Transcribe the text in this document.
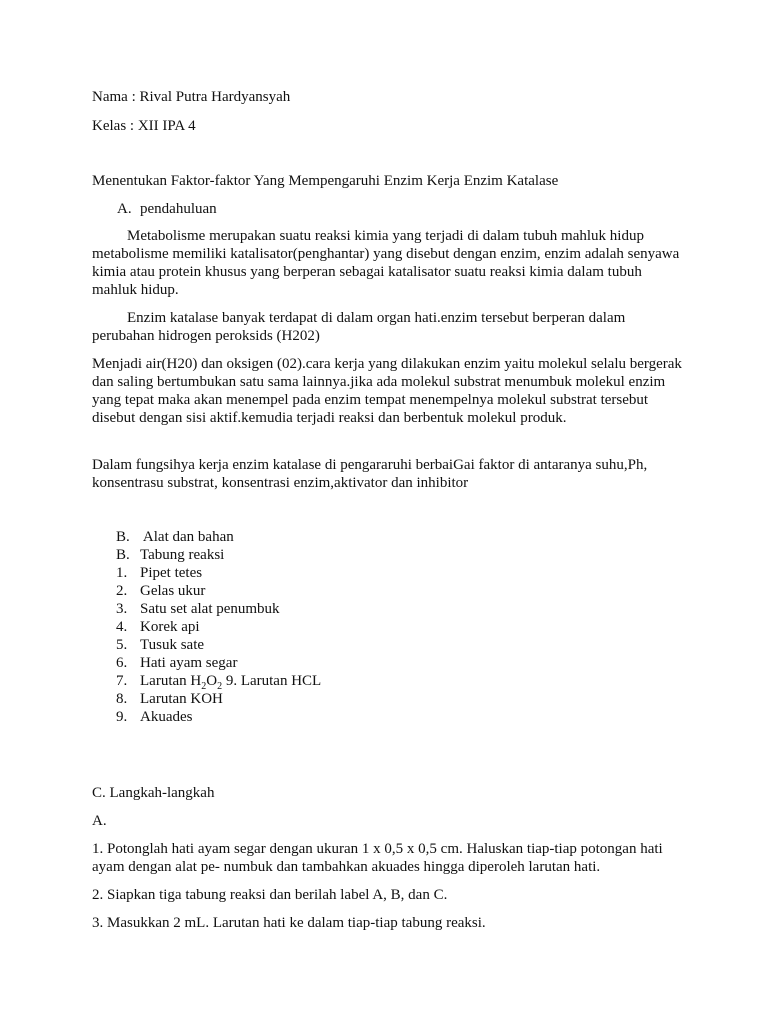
Nama : Rival Putra Hardyansyah

Kelas : XII IPA 4

Menentukan Faktor-faktor Yang Mempengaruhi Enzim Kerja Enzim Katalase

A. pendahuluan

Metabolisme merupakan suatu reaksi kimia yang terjadi di dalam tubuh mahluk hidup metabolisme memiliki katalisator(penghantar) yang disebut dengan enzim, enzim adalah senyawa kimia atau protein khusus yang berperan sebagai katalisator suatu reaksi kimia dalam tubuh mahluk hidup.

Enzim katalase banyak terdapat di dalam organ hati.enzim tersebut berperan dalam perubahan hidrogen peroksids (H202)

Menjadi air(H20) dan oksigen (02).cara kerja yang dilakukan enzim yaitu molekul selalu bergerak dan saling bertumbukan satu sama lainnya.jika ada molekul substrat menumbuk molekul enzim yang tepat maka akan menempel pada enzim tempat menempelnya molekul substrat tersebut disebut dengan sisi aktif.kemudia terjadi reaksi dan berbentuk molekul produk.

Dalam fungsihya kerja enzim katalase di pengararuhi berbaiGai faktor di antaranya suhu,Ph, konsentrasu substrat, konsentrasi enzim,aktivator dan inhibitor

B. Alat dan bahan
B. Tabung reaksi
1. Pipet tetes
2. Gelas ukur
3. Satu set alat penumbuk
4. Korek api
5. Tusuk sate
6. Hati ayam segar
7. Larutan $H_2O_2$ 9. Larutan HCL
8. Larutan KOH
9. Akuades

C. Langkah-langkah

A.

1. Potonglah hati ayam segar dengan ukuran 1 x 0,5 x 0,5 cm. Haluskan tiap-tiap potongan hati ayam dengan alat pe- numbuk dan tambahkan akuades hingga diperoleh larutan hati.

2. Siapkan tiga tabung reaksi dan berilah label A, B, dan C.

3. Masukkan 2 mL. Larutan hati ke dalam tiap-tiap tabung reaksi.
